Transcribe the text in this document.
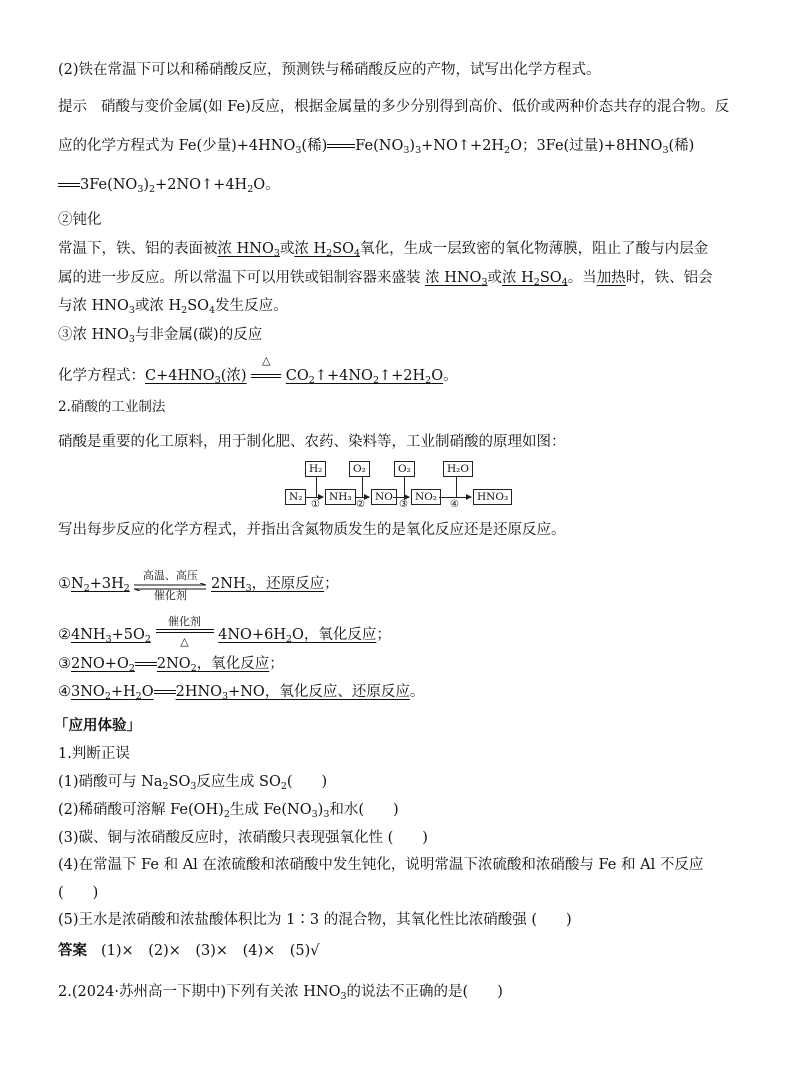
(2)铁在常温下可以和稀硝酸反应，预测铁与稀硝酸反应的产物，试写出化学方程式。
提示 硝酸与变价金属(如 Fe)反应，根据金属量的多少分别得到高价、低价或两种价态共存的混合物。反
应的化学方程式为 Fe(少量)$+4HNO_3$(稀) $Fe(NO_3)_3+NO↑+2H_2O$；3Fe(过量)$+8HNO_3$(稀)
$3Fe(NO_3)_2+2NO↑+4H_2O$。
②钝化
常温下，铁、铝的表面被浓 $HNO_3$或浓 $H_2SO_4$氧化，生成一层致密的氧化物薄膜，阻止了酸与内层金
属的进一步反应。所以常温下可以用铁或铝制容器来盛装 浓 $HNO_3$或浓 $H_2SO_4$。当加热时，铁、铝会
与浓 $HNO_3$或浓 $H_2SO_4$发生反应。
③浓 $HNO_3$与非金属(碳)的反应
化学方程式：$C+4HNO_3$(浓)
△
$CO_2↑+4NO_2↑+2H_2O$。
2.硝酸的工业制法
硝酸是重要的化工原料，用于制化肥、农药、染料等，工业制硝酸的原理如图：
写出每步反应的化学方程式，并指出含氮物质发生的是氧化反应还是还原反应。
$①N_2+3H_2$
高温、高压
催化剂
$2NH_3$，还原反应；
$②4NH_3+5O_2$
催化剂
△	$4NO+6H_2O$，氧化反应；
$③2NO+O_2$ $2NO_2$，氧化反应；
$④3NO_2+H_2O$ $2HNO_3+NO$，氧化反应、还原反应。
「应用体验」
1.判断正误
(1)硝酸可与 $Na_2SO_3$反应生成 $SO_2$(　　)
(2)稀硝酸可溶解 $Fe(OH)_2$生成 $Fe(NO_3)_3$和水(　　)
(3)碳、铜与浓硝酸反应时，浓硝酸只表现强氧化性 (　　)
(4)在常温下 Fe 和 Al 在浓硫酸和浓硝酸中发生钝化，说明常温下浓硫酸和浓硝酸与 Fe 和 Al 不反应
(　　)
(5)王水是浓硝酸和浓盐酸体积比为 1∶3 的混合物，其氧化性比浓硝酸强 (　　)
答案 (1)×　(2)×　(3)×　(4)×　(5)√
2.(2024·苏州高一下期中)下列有关浓 $HNO_3$的说法不正确的是(　　)
H₂	O₂	O₂	H₂O
N₂	NH₃	NO	NO₂	HNO₃
①	②	③	④
